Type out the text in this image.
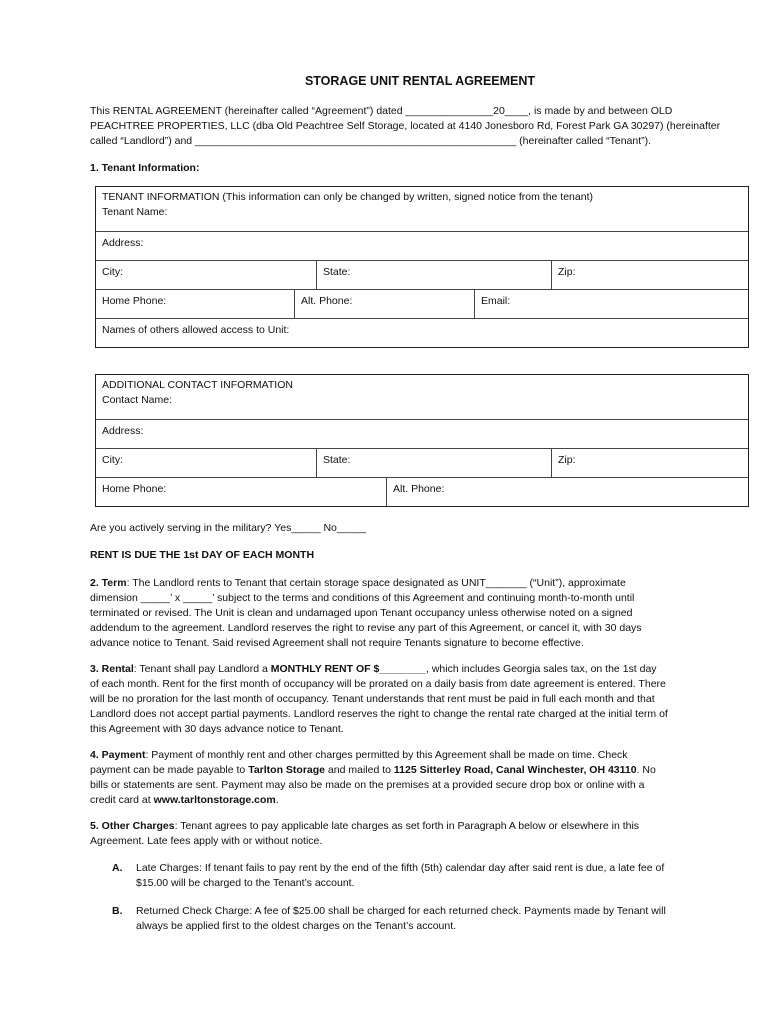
STORAGE UNIT RENTAL AGREEMENT
This RENTAL AGREEMENT (hereinafter called “Agreement”) dated _______________20____, is made by and between OLD
PEACHTREE PROPERTIES, LLC (dba Old Peachtree Self Storage, located at 4140 Jonesboro Rd, Forest Park GA 30297) (hereinafter
called “Landlord”) and _______________________________________________________ (hereinafter called “Tenant”).
1. Tenant Information:
TENANT INFORMATION (This information can only be changed by written, signed notice from the tenant)
Tenant Name:
Address:
City:	State:	Zip:
Home Phone:	Alt. Phone:	Email:
Names of others allowed access to Unit:
ADDITIONAL CONTACT INFORMATION
Contact Name:
Address:
City:	State:	Zip:
Home Phone:	Alt. Phone:
Are you actively serving in the military? Yes_____ No_____
RENT IS DUE THE 1st DAY OF EACH MONTH
2. Term: The Landlord rents to Tenant that certain storage space designated as UNIT_______ (“Unit”), approximate
dimension _____’ x _____’ subject to the terms and conditions of this Agreement and continuing month-to-month until
terminated or revised. The Unit is clean and undamaged upon Tenant occupancy unless otherwise noted on a signed
addendum to the agreement. Landlord reserves the right to revise any part of this Agreement, or cancel it, with 30 days
advance notice to Tenant. Said revised Agreement shall not require Tenants signature to become effective.
3. Rental: Tenant shall pay Landlord a MONTHLY RENT OF $________, which includes Georgia sales tax, on the 1st day
of each month. Rent for the first month of occupancy will be prorated on a daily basis from date agreement is entered. There
will be no proration for the last month of occupancy. Tenant understands that rent must be paid in full each month and that
Landlord does not accept partial payments. Landlord reserves the right to change the rental rate charged at the initial term of
this Agreement with 30 days advance notice to Tenant.
4. Payment: Payment of monthly rent and other charges permitted by this Agreement shall be made on time. Check
payment can be made payable to Tarlton Storage and mailed to 1125 Sitterley Road, Canal Winchester, OH 43110. No
bills or statements are sent. Payment may also be made on the premises at a provided secure drop box or online with a
credit card at www.tarltonstorage.com.
5. Other Charges: Tenant agrees to pay applicable late charges as set forth in Paragraph A below or elsewhere in this
Agreement. Late fees apply with or without notice.
A. Late Charges: If tenant fails to pay rent by the end of the fifth (5th) calendar day after said rent is due, a late fee of
$15.00 will be charged to the Tenant’s account.
B. Returned Check Charge: A fee of $25.00 shall be charged for each returned check. Payments made by Tenant will
always be applied first to the oldest charges on the Tenant’s account.
